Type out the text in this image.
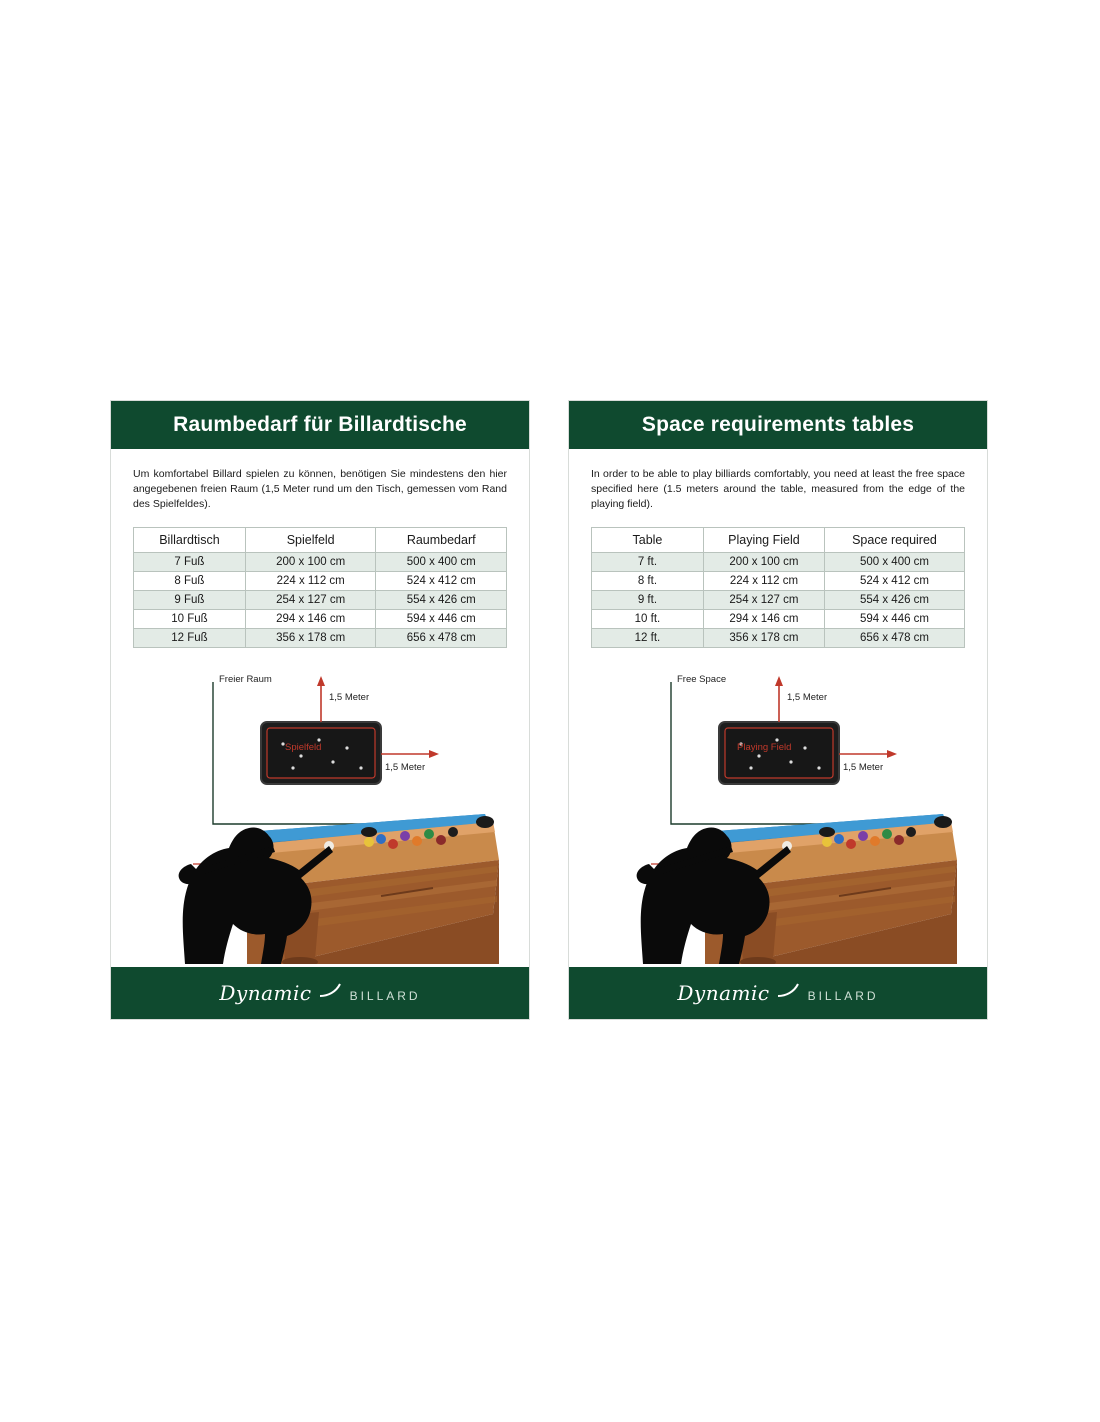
Raumbedarf für Billardtische

Um komfortabel Billard spielen zu können, benötigen Sie mindestens den hier angegebenen freien Raum (1,5 Meter rund um den Tisch, gemessen vom Rand des Spielfeldes).

Billardtisch	Spielfeld	Raumbedarf
7 Fuß	200 x 100 cm	500 x 400 cm
8 Fuß	224 x 112 cm	524 x 412 cm
9 Fuß	254 x 127 cm	554 x 426 cm
10 Fuß	294 x 146 cm	594 x 446 cm
12 Fuß	356 x 178 cm	656 x 478 cm
Freier Raum
1,5 Meter
1,5 Meter
Spielfeld
Dynamic	BILLARD
Space requirements tables

In order to be able to play billiards comfortably, you need at least the free space specified here (1.5 meters around the table, measured from the edge of the playing field).

Table	Playing Field	Space required
7 ft.	200 x 100 cm	500 x 400 cm
8 ft.	224 x 112 cm	524 x 412 cm
9 ft.	254 x 127 cm	554 x 426 cm
10 ft.	294 x 146 cm	594 x 446 cm
12 ft.	356 x 178 cm	656 x 478 cm
Free Space
1,5 Meter
1,5 Meter
Playing Field
Dynamic	BILLARD
